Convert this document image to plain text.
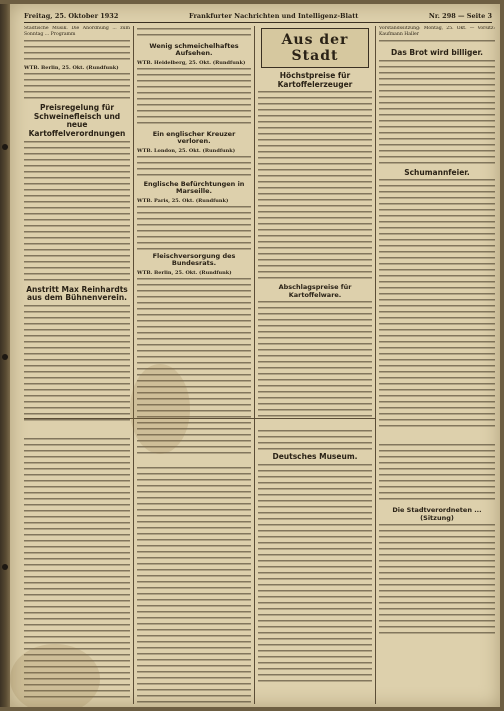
Freitag, 25. Oktober 1932	Frankfurter Nachrichten und Intelligenz-Blatt	Nr. 298 — Seite 3
Städtische Musik. Die Anordnung ... zum Sonntag ... Programm
WTB. Berlin, 25. Okt. (Rundfunk)
Preisregelung für Schweinefleisch und neue Kartoffelverordnungen
Anstritt Max Reinhardts aus dem Bühnenverein.
Wenig schmeichelhaftes Aufsehen.
WTB. Heidelberg, 25. Okt. (Rundfunk)
Ein englischer Kreuzer verloren.
WTB. London, 25. Okt. (Rundfunk)
Englische Befürchtungen in Marseille.
WTB. Paris, 25. Okt. (Rundfunk)
Fleischversorgung des Bundesrats.
WTB. Berlin, 25. Okt. (Rundfunk)
Aus der Stadt
Höchstpreise für Kartoffelerzeuger
Abschlagspreise für Kartoffelware.
Deutsches Museum.
Vorstandssitzung: Montag, 25. Okt. — Vorsitz: Kaufmann Haller
Das Brot wird billiger.
Schumannfeier.
Die Stadtverordneten ... (Sitzung)
